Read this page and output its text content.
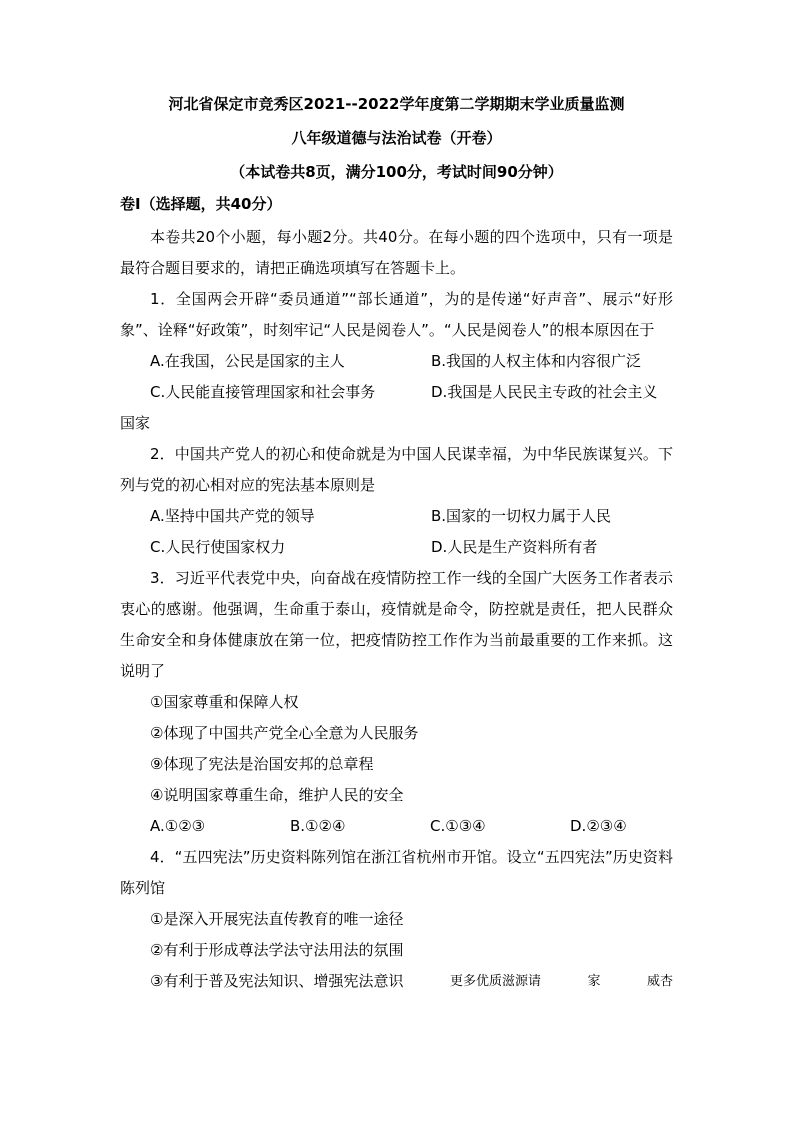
河北省保定市竞秀区2021--2022学年度第二学期期末学业质量监测
八年级道德与法治试卷（开卷）
（本试卷共8页，满分100分，考试时间90分钟）
卷I（选择题，共40分）

本卷共20个小题，每小题2分。共40分。在每小题的四个选项中，只有一项是最符合题目要求的，请把正确选项填写在答题卡上。

1．全国两会开辟“委员通道”“部长通道”，为的是传递“好声音”、展示“好形象”、诠释“好政策”，时刻牢记“人民是阅卷人”。“人民是阅卷人”的根本原因在于

A.在我国，公民是国家的主人	B.我国的人权主体和内容很广泛
C.人民能直接管理国家和社会事务	D.我国是人民民主专政的社会主义
国家

2．中国共产党人的初心和使命就是为中国人民谋幸福，为中华民族谋复兴。下列与党的初心相对应的宪法基本原则是

A.坚持中国共产党的领导	B.国家的一切权力属于人民
C.人民行使国家权力	D.人民是生产资料所有者

3．习近平代表党中央，向奋战在疫情防控工作一线的全国广大医务工作者表示衷心的感谢。他强调，生命重于泰山，疫情就是命令，防控就是责任，把人民群众生命安全和身体健康放在第一位，把疫情防控工作作为当前最重要的工作来抓。这说明了

①国家尊重和保障人权
②体现了中国共产党全心全意为人民服务
⑨体现了宪法是治国安邦的总章程
④说明国家尊重生命，维护人民的安全
A.①②③	B.①②④	C.①③④	D.②③④

4．“五四宪法”历史资料陈列馆在浙江省杭州市开馆。设立“五四宪法”历史资料陈列馆

①是深入开展宪法直传教育的唯一途径
②有利于形成尊法学法守法用法的氛围
③有利于普及宪法知识、增强宪法意识	更多优质滋源请	家	威杏
